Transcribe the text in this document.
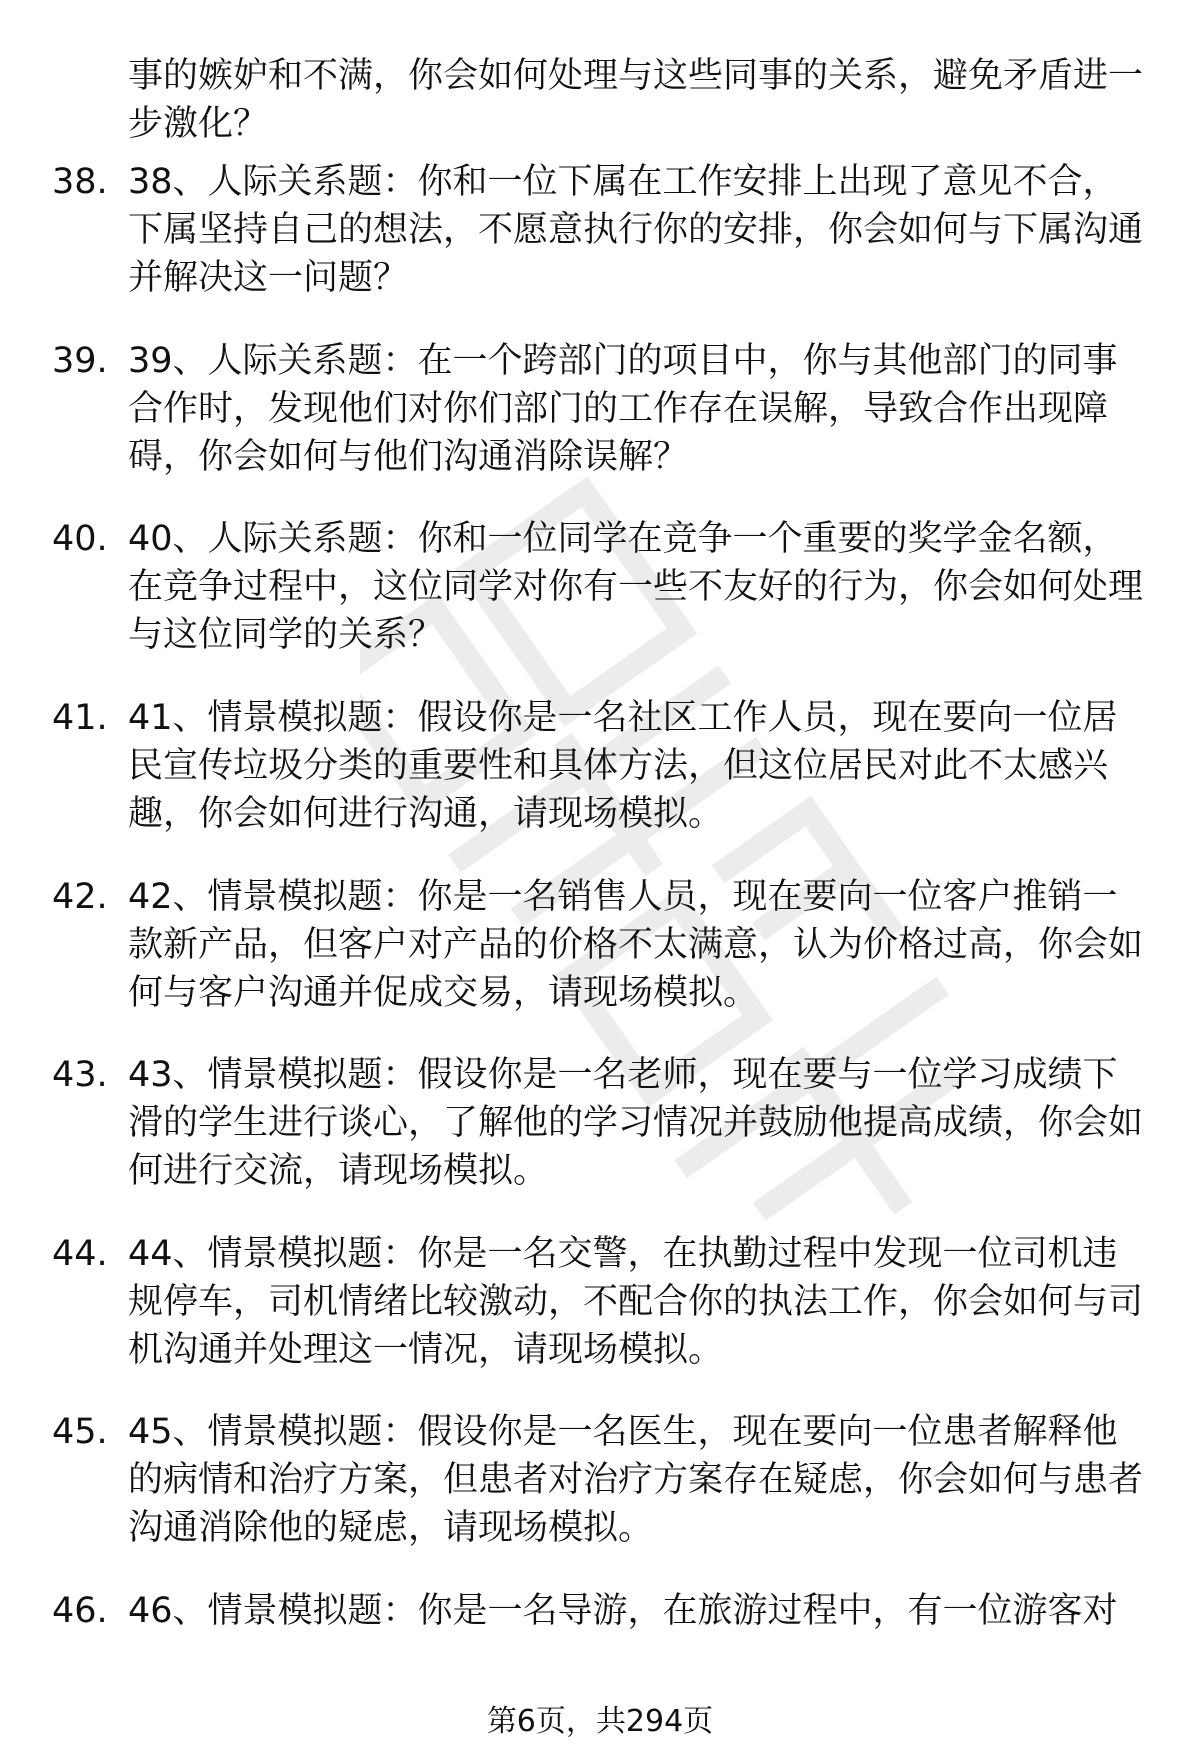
事的嫉妒和不满，你会如何处理与这些同事的关系，避免矛盾进一步激化？
38. 38、人际关系题：你和一位下属在工作安排上出现了意见不合，下属坚持自己的想法，不愿意执行你的安排，你会如何与下属沟通并解决这一问题？
39. 39、人际关系题：在一个跨部门的项目中，你与其他部门的同事合作时，发现他们对你们部门的工作存在误解，导致合作出现障碍，你会如何与他们沟通消除误解？
40. 40、人际关系题：你和一位同学在竞争一个重要的奖学金名额，在竞争过程中，这位同学对你有一些不友好的行为，你会如何处理与这位同学的关系？
41. 41、情景模拟题：假设你是一名社区工作人员，现在要向一位居民宣传垃圾分类的重要性和具体方法，但这位居民对此不太感兴趣，你会如何进行沟通，请现场模拟。
42. 42、情景模拟题：你是一名销售人员，现在要向一位客户推销一款新产品，但客户对产品的价格不太满意，认为价格过高，你会如何与客户沟通并促成交易，请现场模拟。
43. 43、情景模拟题：假设你是一名老师，现在要与一位学习成绩下滑的学生进行谈心，了解他的学习情况并鼓励他提高成绩，你会如何进行交流，请现场模拟。
44. 44、情景模拟题：你是一名交警，在执勤过程中发现一位司机违规停车，司机情绪比较激动，不配合你的执法工作，你会如何与司机沟通并处理这一情况，请现场模拟。
45. 45、情景模拟题：假设你是一名医生，现在要向一位患者解释他的病情和治疗方案，但患者对治疗方案存在疑虑，你会如何与患者沟通消除他的疑虑，请现场模拟。
46. 46、情景模拟题：你是一名导游，在旅游过程中，有一位游客对
第6页，共294页
